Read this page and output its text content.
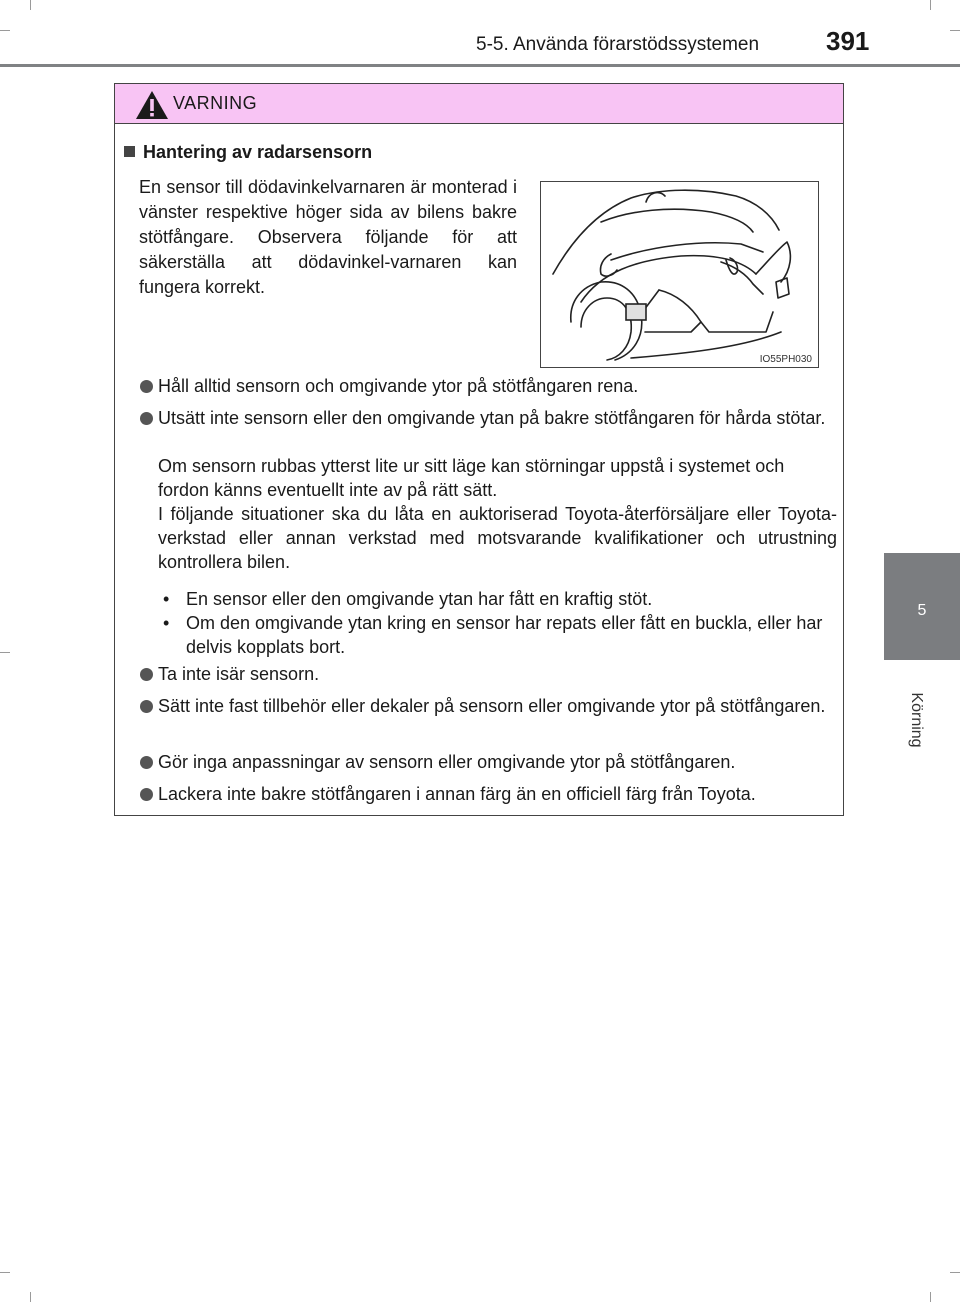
5-5. Använda förarstödssystemen	391
5
Körning
VARNING
Hantering av radarsensorn
En sensor till dödavinkelvarnaren är monterad i vänster respektive höger sida av bilens bakre stötfångare. Observera följande för att säkerställa att dödavinkel-varnaren kan fungera korrekt.
IO55PH030
Håll alltid sensorn och omgivande ytor på stötfångaren rena.
Utsätt inte sensorn eller den omgivande ytan på bakre stötfångaren för hårda stötar.
Om sensorn rubbas ytterst lite ur sitt läge kan störningar uppstå i systemet och fordon känns eventuellt inte av på rätt sätt.
I följande situationer ska du låta en auktoriserad Toyota-återförsäljare eller Toyota-verkstad eller annan verkstad med motsvarande kvalifikationer och utrustning kontrollera bilen.
• En sensor eller den omgivande ytan har fått en kraftig stöt.
• Om den omgivande ytan kring en sensor har repats eller fått en buckla, eller har delvis kopplats bort.
Ta inte isär sensorn.
Sätt inte fast tillbehör eller dekaler på sensorn eller omgivande ytor på stötfångaren.
Gör inga anpassningar av sensorn eller omgivande ytor på stötfångaren.
Lackera inte bakre stötfångaren i annan färg än en officiell färg från Toyota.
